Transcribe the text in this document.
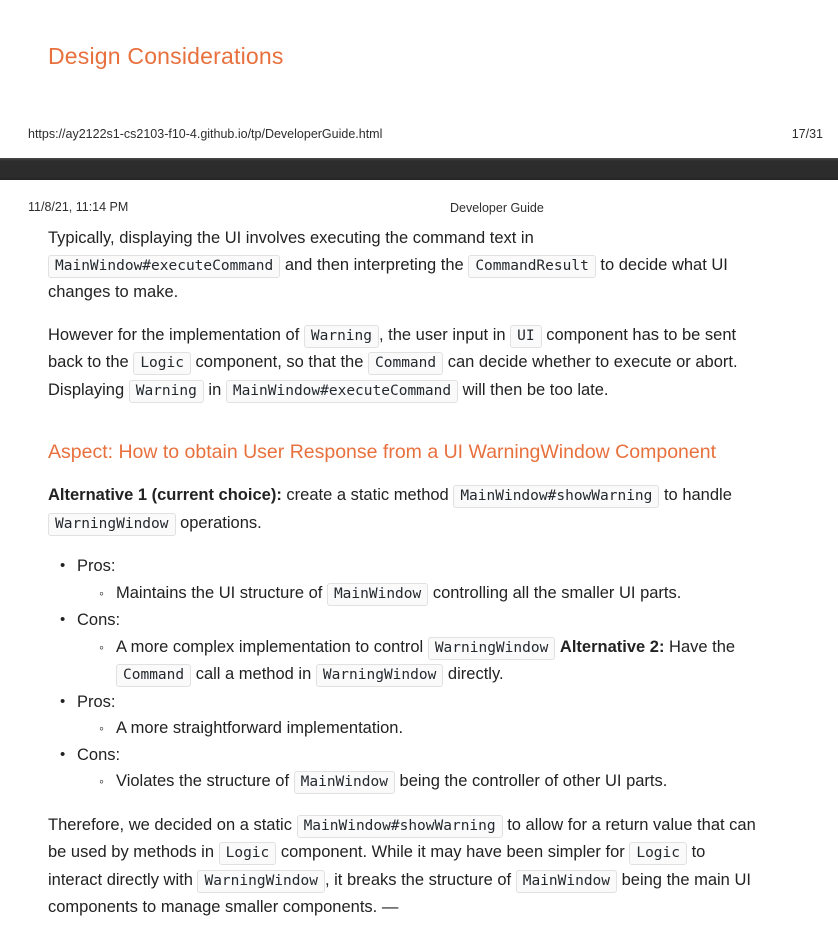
Design Considerations
https://ay2122s1-cs2103-f10-4.github.io/tp/DeveloperGuide.html	17/31
11/8/21, 11:14 PM	Developer Guide

Typically, displaying the UI involves executing the command text in
MainWindow#executeCommand and then interpreting the CommandResult to decide what UI
changes to make.

However for the implementation of Warning , the user input in UI component has to be sent
back to the Logic component, so that the Command can decide whether to execute or abort.
Displaying Warning in MainWindow#executeCommand will then be too late.

Aspect: How to obtain User Response from a UI WarningWindow Component

Alternative 1 (current choice): create a static method MainWindow#showWarning to handle
WarningWindow operations.

• Pros:
◦ Maintains the UI structure of MainWindow controlling all the smaller UI parts.
• Cons:
◦ A more complex implementation to control WarningWindow Alternative 2: Have the
Command call a method in WarningWindow directly.
• Pros:
◦ A more straightforward implementation.
• Cons:
◦ Violates the structure of MainWindow being the controller of other UI parts.

Therefore, we decided on a static MainWindow#showWarning to allow for a return value that can
be used by methods in Logic component. While it may have been simpler for Logic to
interact directly with WarningWindow , it breaks the structure of MainWindow being the main UI
components to manage smaller components. —
